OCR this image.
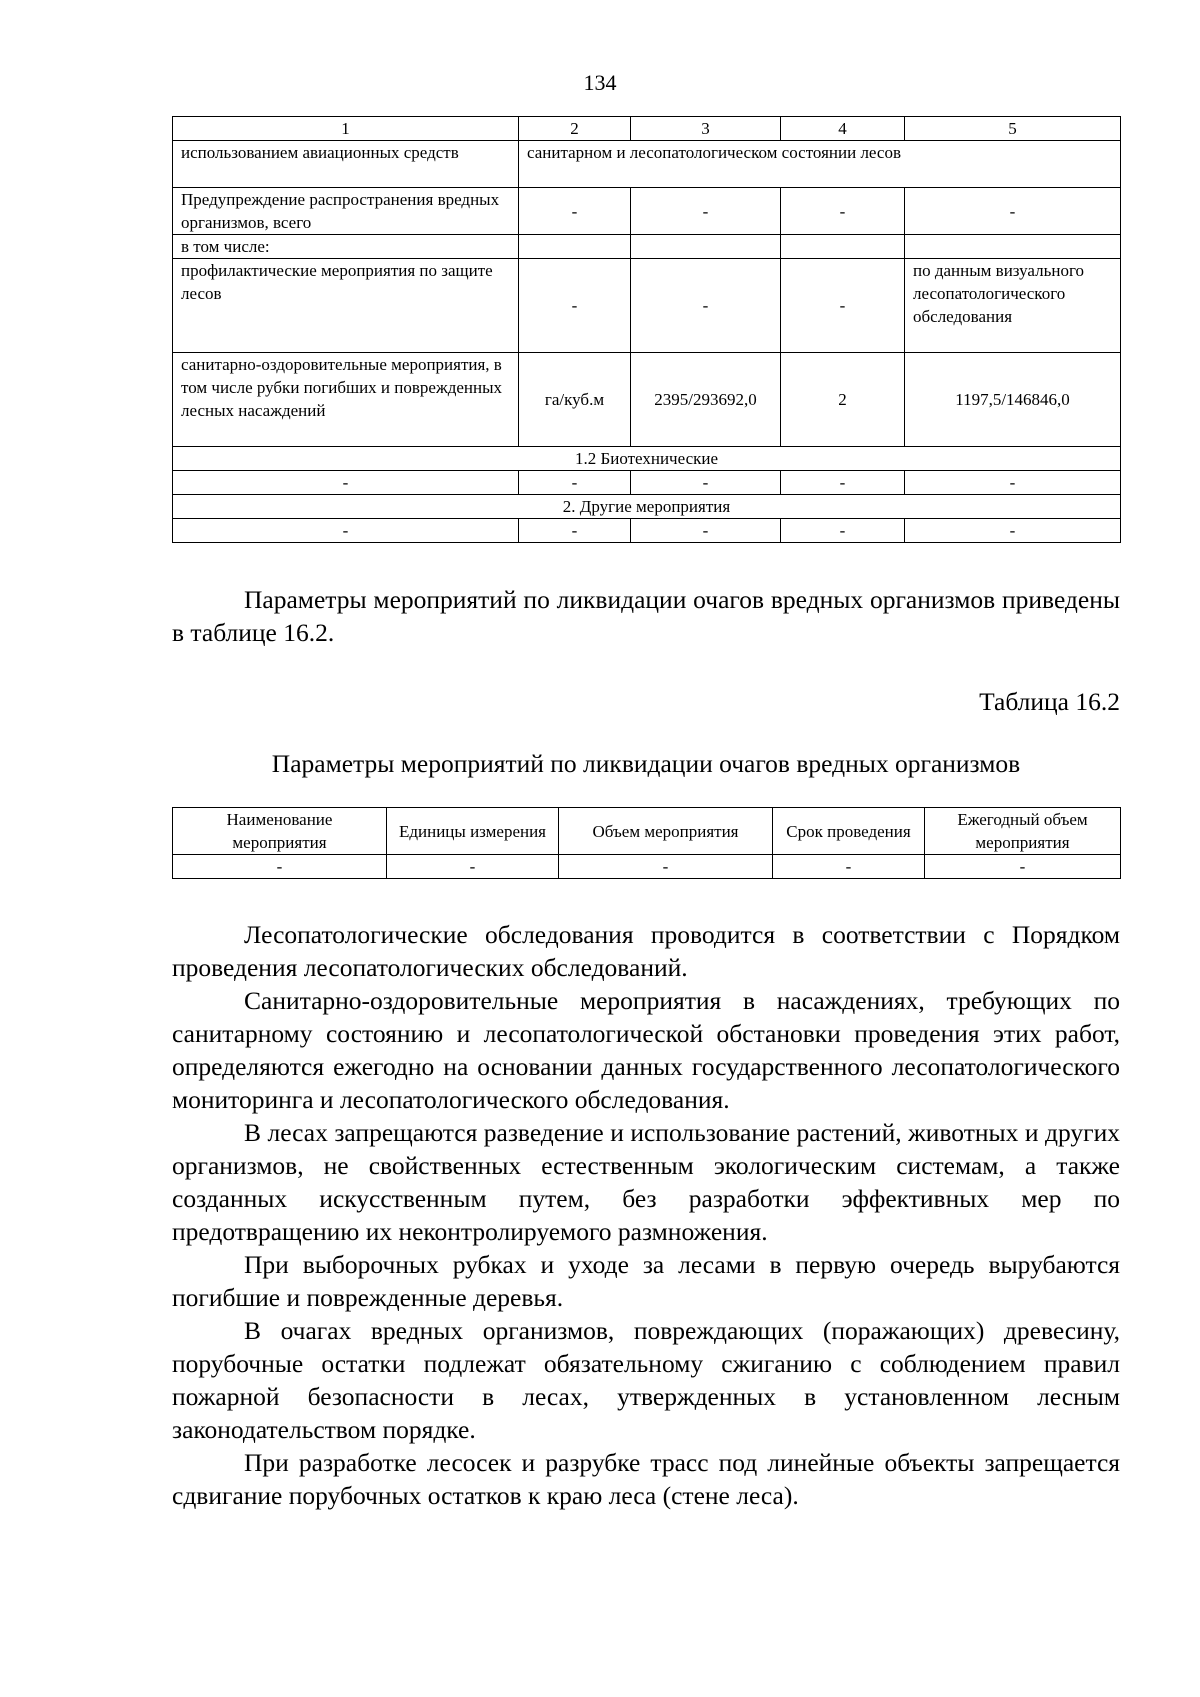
134
1	2	3	4	5
использованием авиационных средств	санитарном и лесопатологическом состоянии лесов			
Предупреждение распространения вредных организмов, всего	-	-	-	-
в том числе:				
профилактические мероприятия по защите лесов	-	-	-	по данным визуального лесопатологического обследования
санитарно-оздоровительные мероприятия, в том числе рубки погибших и поврежденных лесных насаждений	га/куб.м	2395/293692,0	2	1197,5/146846,0
1.2 Биотехнические				
-	-	-	-	-
2. Другие мероприятия				
-	-	-	-	-

Параметры мероприятий по ликвидации очагов вредных организмов приведены в таблице 16.2.

Таблица 16.2
Параметры мероприятий по ликвидации очагов вредных организмов
Наименование мероприятия	Единицы измерения	Объем мероприятия	Срок проведения	Ежегодный объем мероприятия
-	-	-	-	-

Лесопатологические обследования проводится в соответствии с Порядком проведения лесопатологических обследований.

Санитарно-оздоровительные мероприятия в насаждениях, требующих по санитарному состоянию и лесопатологической обстановки проведения этих работ, определяются ежегодно на основании данных государственного лесопатологического мониторинга и лесопатологического обследования.

В лесах запрещаются разведение и использование растений, животных и других организмов, не свойственных естественным экологическим системам, а также созданных искусственным путем, без разработки эффективных мер по предотвращению их неконтролируемого размножения.

При выборочных рубках и уходе за лесами в первую очередь вырубаются погибшие и поврежденные деревья.

В очагах вредных организмов, повреждающих (поражающих) древесину, порубочные остатки подлежат обязательному сжиганию с соблюдением правил пожарной безопасности в лесах, утвержденных в установленном лесным законодательством порядке.

При разработке лесосек и разрубке трасс под линейные объекты запрещается сдвигание порубочных остатков к краю леса (стене леса).
